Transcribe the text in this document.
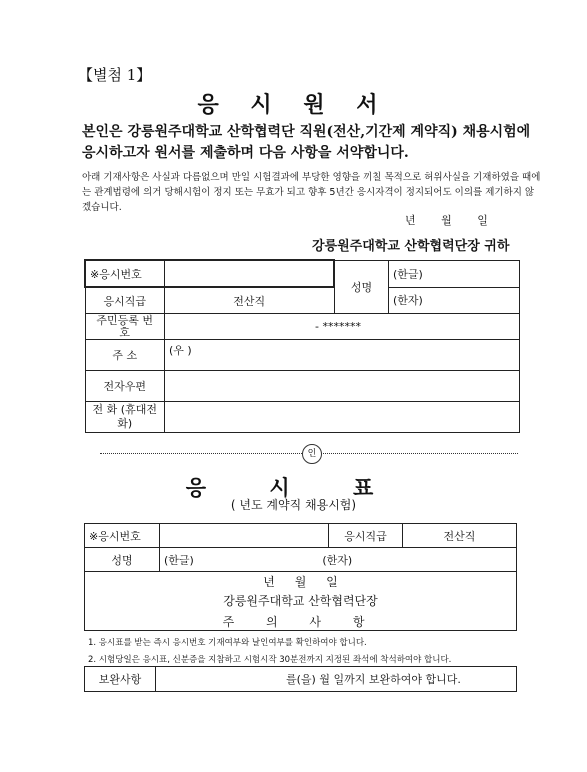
【별첨 1】
응 시 원 서
본인은 강릉원주대학교 산학협력단 직원(전산,기간제 계약직) 채용시험에 응시하고자 원서를 제출하며 다음 사항을 서약합니다.
아래 기재사항은 사실과 다름없으며 만일 시험결과에 부당한 영향을 끼칠 목적으로 허위사실을 기재하였을 때에는 관계법령에 의거 당해시험이 정지 또는 무효가 되고 향후 5년간 응시자격이 정지되어도 이의를 제기하지 않겠습니다.
년 월 일
강릉원주대학교 산학협력단장 귀하
※응시번호		성명	(한글)
응시직급	전산직		(한자)
주민등록 번 호	- *******		
주 소	(우 )		
전자우편			
전 화 (휴대전화)			
인
응 시 표
( 년도 계약직 채용시험)
※응시번호		응시직급	전산직
성명	(한글) (한자)		

년 월 일
강릉원주대학교 산학협력단장			

주 의 사 항			
1. 응시표를 받는 즉시 응시번호 기재여부와 날인여부를 확인하여야 합니다.
2. 시험당일은 응시표, 신분증을 지참하고 시험시작 30분전까지 지정된 좌석에 착석하여야 합니다.
보완사항	를(을) 월 일까지 보완하여야 합니다.
